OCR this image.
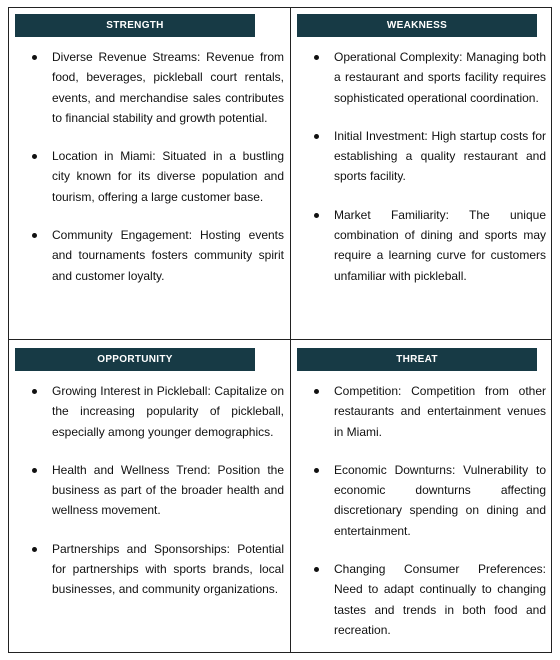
STRENGTH
Diverse Revenue Streams: Revenue from food, beverages, pickleball court rentals, events, and merchandise sales contributes to financial stability and growth potential.
Location in Miami: Situated in a bustling city known for its diverse population and tourism, offering a large customer base.
Community Engagement: Hosting events and tournaments fosters community spirit and customer loyalty.
WEAKNESS
Operational Complexity: Managing both a restaurant and sports facility requires sophisticated operational coordination.
Initial Investment: High startup costs for establishing a quality restaurant and sports facility.
Market Familiarity: The unique combination of dining and sports may require a learning curve for customers unfamiliar with pickleball.
OPPORTUNITY
Growing Interest in Pickleball: Capitalize on the increasing popularity of pickleball, especially among younger demographics.
Health and Wellness Trend: Position the business as part of the broader health and wellness movement.
Partnerships and Sponsorships: Potential for partnerships with sports brands, local businesses, and community organizations.
THREAT
Competition: Competition from other restaurants and entertainment venues in Miami.
Economic Downturns: Vulnerability to economic downturns affecting discretionary spending on dining and entertainment.
Changing Consumer Preferences: Need to adapt continually to changing tastes and trends in both food and recreation.
